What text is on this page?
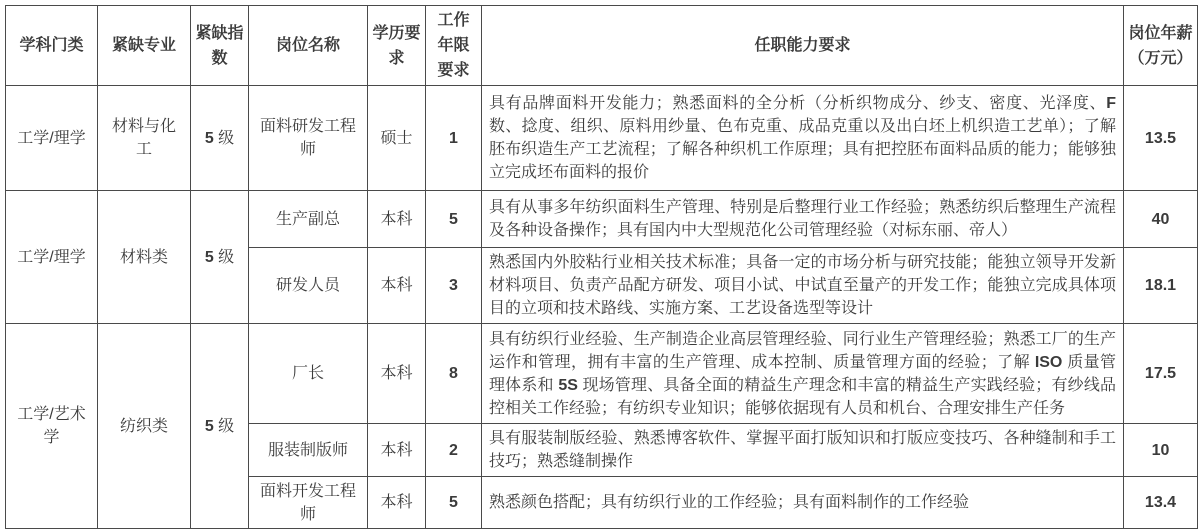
学科门类	紧缺专业	紧缺指数	岗位名称	学历要求	工作年限要求	任职能力要求	岗位年薪（万元）
工学/理学	材料与化工	5 级	面料研发工程师	硕士	1	具有品牌面料开发能力；熟悉面料的全分析（分析织物成分、纱支、密度、光泽度、F数、捻度、组织、原料用纱量、色布克重、成品克重以及出白坯上机织造工艺单）；了解胚布织造生产工艺流程；了解各种织机工作原理；具有把控胚布面料品质的能力；能够独立完成坯布面料的报价	13.5
工学/理学	材料类	5 级	生产副总	本科	5	具有从事多年纺织面料生产管理、特别是后整理行业工作经验；熟悉纺织后整理生产流程及各种设备操作；具有国内中大型规范化公司管理经验（对标东丽、帝人）	40
			研发人员	本科	3	熟悉国内外胶粘行业相关技术标准；具备一定的市场分析与研究技能；能独立领导开发新材料项目、负责产品配方研发、项目小试、中试直至量产的开发工作；能独立完成具体项目的立项和技术路线、实施方案、工艺设备选型等设计	18.1
工学/艺术学	纺织类	5 级	厂长	本科	8	具有纺织行业经验、生产制造企业高层管理经验、同行业生产管理经验；熟悉工厂的生产运作和管理，拥有丰富的生产管理、成本控制、质量管理方面的经验；了解 ISO 质量管理体系和 5S 现场管理、具备全面的精益生产理念和丰富的精益生产实践经验；有纱线品控相关工作经验；有纺织专业知识；能够依据现有人员和机台、合理安排生产任务	17.5
			服装制版师	本科	2	具有服装制版经验、熟悉博客软件、掌握平面打版知识和打版应变技巧、各种缝制和手工技巧；熟悉缝制操作	10
			面料开发工程师	本科	5	熟悉颜色搭配；具有纺织行业的工作经验；具有面料制作的工作经验	13.4
